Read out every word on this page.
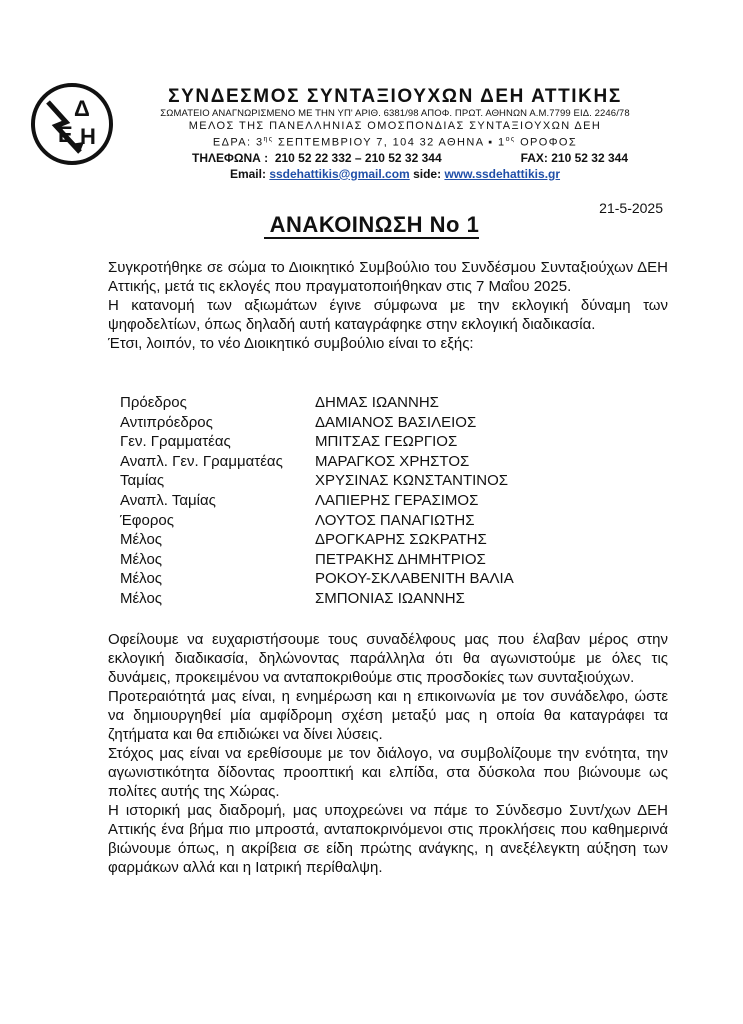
Δ
Ε Η
ΣΥΝΔΕΣΜΟΣ ΣΥΝΤΑΞΙΟΥΧΩΝ ΔΕΗ ΑΤΤΙΚΗΣ
ΣΩΜΑΤΕΙΟ ΑΝΑΓΝΩΡΙΣΜΕΝΟ ΜΕ ΤΗΝ ΥΠ' ΑΡΙΘ. 6381/98 ΑΠΟΦ. ΠΡΩΤ. ΑΘΗΝΩΝ Α.Μ.7799 ΕΙΔ. 2246/78
ΜΕΛΟΣ ΤΗΣ ΠΑΝΕΛΛΗΝΙΑΣ ΟΜΟΣΠΟΝΔΙΑΣ ΣΥΝΤΑΞΙΟΥΧΩΝ ΔΕΗ
ΕΔΡΑ: $3^{\eta\varsigma}$ ΣΕΠΤΕΜΒΡΙΟΥ 7, 104 32 ΑΘΗΝΑ ▪ $1^{o\varsigma}$ ΟΡΟΦΟΣ
ΤΗΛΕΦΩΝΑ : 210 52 22 332 – 210 52 32 344	FAX: 210 52 32 344
Email: ssdehattikis@gmail.com side: www.ssdehattikis.gr
21-5-2025
ΑΝΑΚΟΙΝΩΣΗ Νο 1

Συγκροτήθηκε σε σώμα το Διοικητικό Συμβούλιο του Συνδέσμου Συνταξιούχων ΔΕΗ Αττικής, μετά τις εκλογές που πραγματοποιήθηκαν στις 7 Μαΐου 2025.

Η κατανομή των αξιωμάτων έγινε σύμφωνα με την εκλογική δύναμη των ψηφοδελτίων, όπως δηλαδή αυτή καταγράφηκε στην εκλογική διαδικασία.

Έτσι, λοιπόν, το νέο Διοικητικό συμβούλιο είναι το εξής:

Πρόεδρος	ΔΗΜΑΣ ΙΩΑΝΝΗΣ
Αντιπρόεδρος	ΔΑΜΙΑΝΟΣ ΒΑΣΙΛΕΙΟΣ
Γεν. Γραμματέας	ΜΠΙΤΣΑΣ ΓΕΩΡΓΙΟΣ
Αναπλ. Γεν. Γραμματέας	ΜΑΡΑΓΚΟΣ ΧΡΗΣΤΟΣ
Ταμίας	ΧΡΥΣΙΝΑΣ ΚΩΝΣΤΑΝΤΙΝΟΣ
Αναπλ. Ταμίας	ΛΑΠΙΕΡΗΣ ΓΕΡΑΣΙΜΟΣ
Έφορος	ΛΟΥΤΟΣ ΠΑΝΑΓΙΩΤΗΣ
Μέλος	ΔΡΟΓΚΑΡΗΣ ΣΩΚΡΑΤΗΣ
Μέλος	ΠΕΤΡΑΚΗΣ ΔΗΜΗΤΡΙΟΣ
Μέλος	ΡΟΚΟΥ-ΣΚΛΑΒΕΝΙΤΗ ΒΑΛΙΑ
Μέλος	ΣΜΠΟΝΙΑΣ ΙΩΑΝΝΗΣ

Οφείλουμε να ευχαριστήσουμε τους συναδέλφους μας που έλαβαν μέρος στην εκλογική διαδικασία, δηλώνοντας παράλληλα ότι θα αγωνιστούμε με όλες τις δυνάμεις, προκειμένου να ανταποκριθούμε στις προσδοκίες των συνταξιούχων.

Προτεραιότητά μας είναι, η ενημέρωση και η επικοινωνία με τον συνάδελφο, ώστε να δημιουργηθεί μία αμφίδρομη σχέση μεταξύ μας η οποία θα καταγράφει τα ζητήματα και θα επιδιώκει να δίνει λύσεις.

Στόχος μας είναι να ερεθίσουμε με τον διάλογο, να συμβολίζουμε την ενότητα, την αγωνιστικότητα δίδοντας προοπτική και ελπίδα, στα δύσκολα που βιώνουμε ως πολίτες αυτής της Χώρας.

Η ιστορική μας διαδρομή, μας υποχρεώνει να πάμε το Σύνδεσμο Συντ/χων ΔΕΗ Αττικής ένα βήμα πιο μπροστά, ανταποκρινόμενοι στις προκλήσεις που καθημερινά βιώνουμε όπως, η ακρίβεια σε είδη πρώτης ανάγκης, η ανεξέλεγκτη αύξηση των φαρμάκων αλλά και η Ιατρική περίθαλψη.
